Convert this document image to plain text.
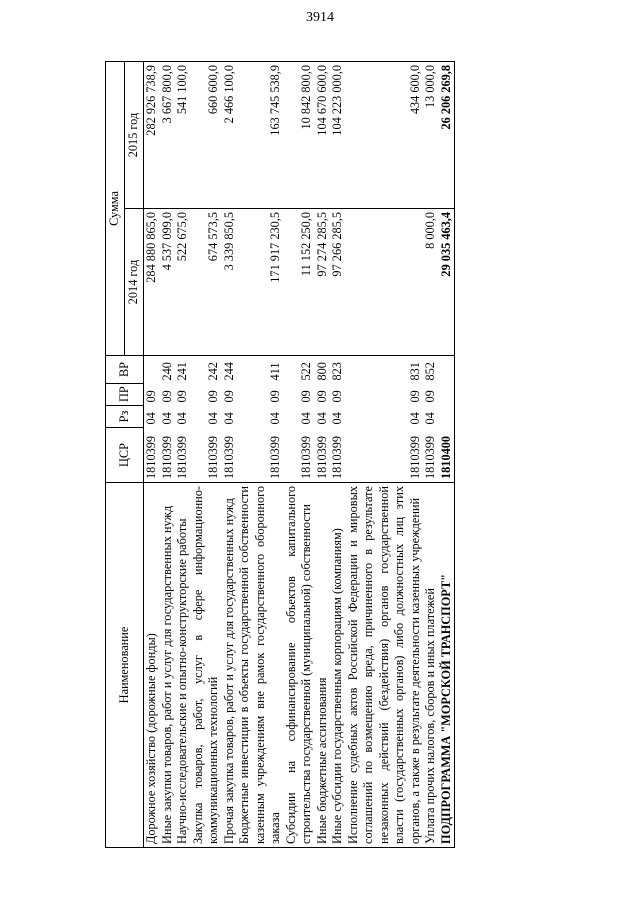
3914
Наименование	ЦСР	Рз	ПР	ВР	Сумма	
					2014 год	2015 год
Дорожное хозяйство (дорожные фонды)	1810399	04	09		284 880 865,0	282 926 738,9
Иные закупки товаров, работ и услуг для государственных нужд	1810399	04	09	240	4 537 099,0	3 667 800,0
Научно-исследовательские и опытно-конструкторские работы	1810399	04	09	241	522 675,0	541 100,0
Закупка товаров, работ, услуг в сфере информационно-коммуникационных технологий	1810399	04	09	242	674 573,5	660 600,0
Прочая закупка товаров, работ и услуг для государственных нужд	1810399	04	09	244	3 339 850,5	2 466 100,0
Бюджетные инвестиции в объекты государственной собственности казенным учреждениям вне рамок государственного оборонного заказа	1810399	04	09	411	171 917 230,5	163 745 538,9
Субсидии на софинансирование объектов капитального строительства государственной (муниципальной) собственности	1810399	04	09	522	11 152 250,0	10 842 800,0
Иные бюджетные ассигнования	1810399	04	09	800	97 274 285,5	104 670 600,0
Иные субсидии государственным корпорациям (компаниям)	1810399	04	09	823	97 266 285,5	104 223 000,0
Исполнение судебных актов Российской Федерации и мировых соглашений по возмещению вреда, причиненного в результате незаконных действий (бездействия) органов государственной власти (государственных органов) либо должностных лиц этих органов, а также в результате деятельности казенных учреждений	1810399	04	09	831		434 600,0
Уплата прочих налогов, сборов и иных платежей	1810399	04	09	852	8 000,0	13 000,0
ПОДПРОГРАММА "МОРСКОЙ ТРАНСПОРТ"	1810400				29 035 463,4	26 206 269,8
